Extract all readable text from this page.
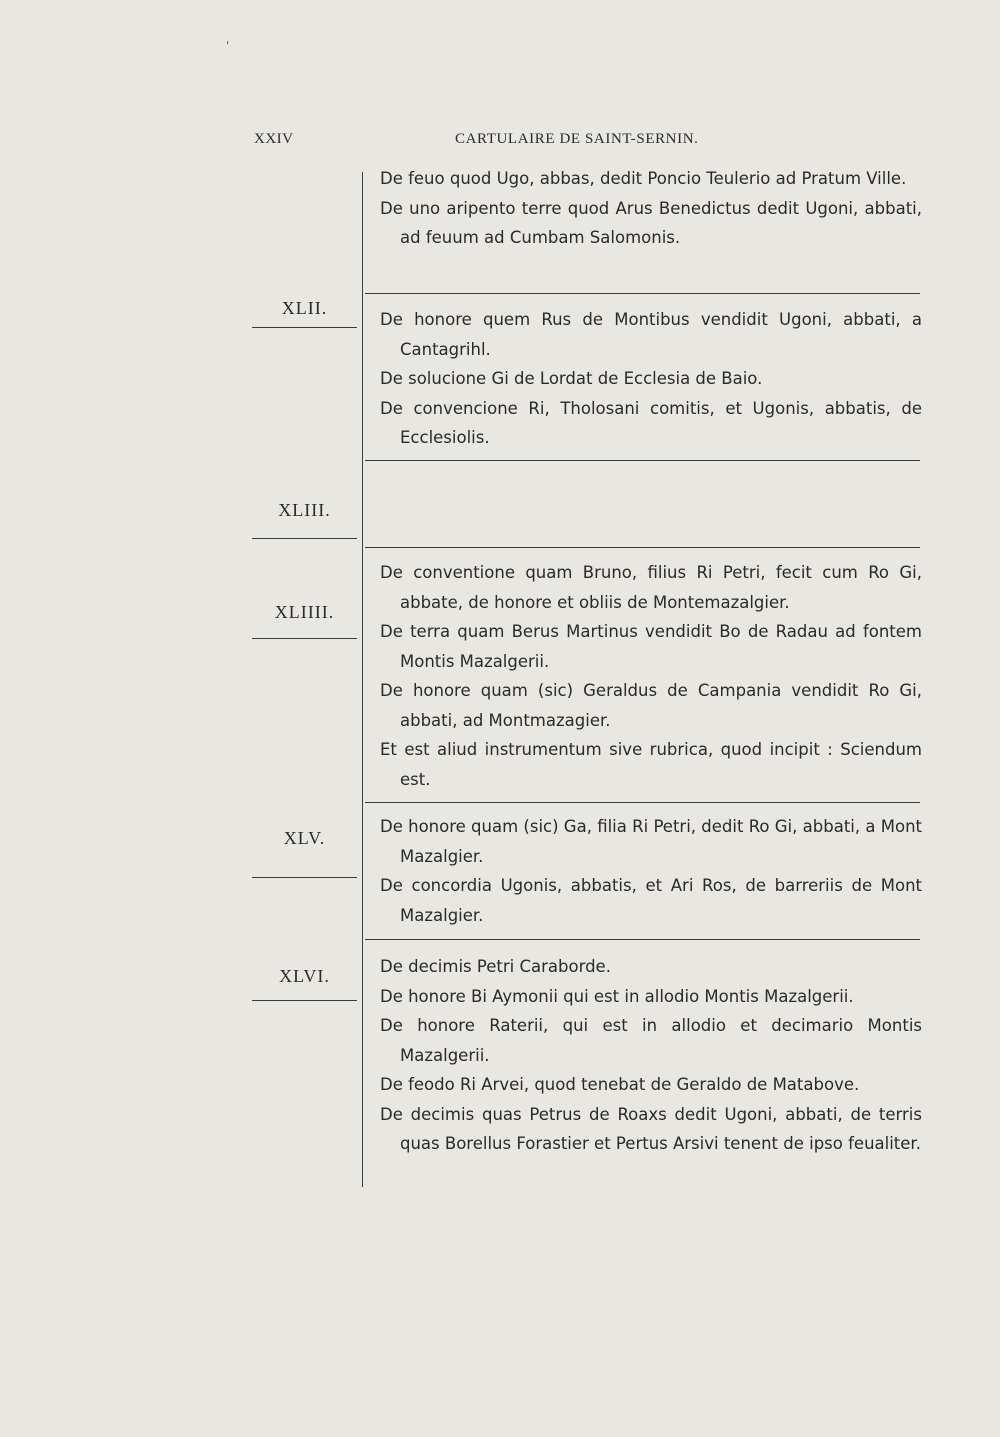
'
XXIV	CARTULAIRE DE SAINT-SERNIN.

De feuo quod Ugo, abbas, dedit Poncio Teulerio ad Pratum Ville.

De uno aripento terre quod Arus Benedictus dedit Ugoni, abbati, ad feuum ad Cumbam Salomonis.

XLII.

De honore quem Rus de Montibus vendidit Ugoni, abbati, a Cantagrihl.

De solucione Gi de Lordat de Ecclesia de Baio.

De convencione Ri, Tholosani comitis, et Ugonis, abbatis, de Ecclesiolis.

XLIII.
XLIIII.

De conventione quam Bruno, filius Ri Petri, fecit cum Ro Gi, abbate, de honore et obliis de Montemazalgier.

De terra quam Berus Martinus vendidit Bo de Radau ad fontem Montis Mazalgerii.

De honore quam (sic) Geraldus de Campania vendidit Ro Gi, abbati, ad Montmazagier.

Et est aliud instrumentum sive rubrica, quod incipit : Sciendum est.

XLV.

De honore quam (sic) Ga, filia Ri Petri, dedit Ro Gi, abbati, a Mont Mazalgier.

De concordia Ugonis, abbatis, et Ari Ros, de barreriis de Mont Mazalgier.

XLVI.	De decimis Petri Caraborde.

De honore Bi Aymonii qui est in allodio Montis Mazalgerii.

De honore Raterii, qui est in allodio et decimario Montis Mazalgerii.

De feodo Ri Arvei, quod tenebat de Geraldo de Matabove.

De decimis quas Petrus de Roaxs dedit Ugoni, abbati, de terris quas Borellus Forastier et Pertus Arsivi tenent de ipso feualiter.
